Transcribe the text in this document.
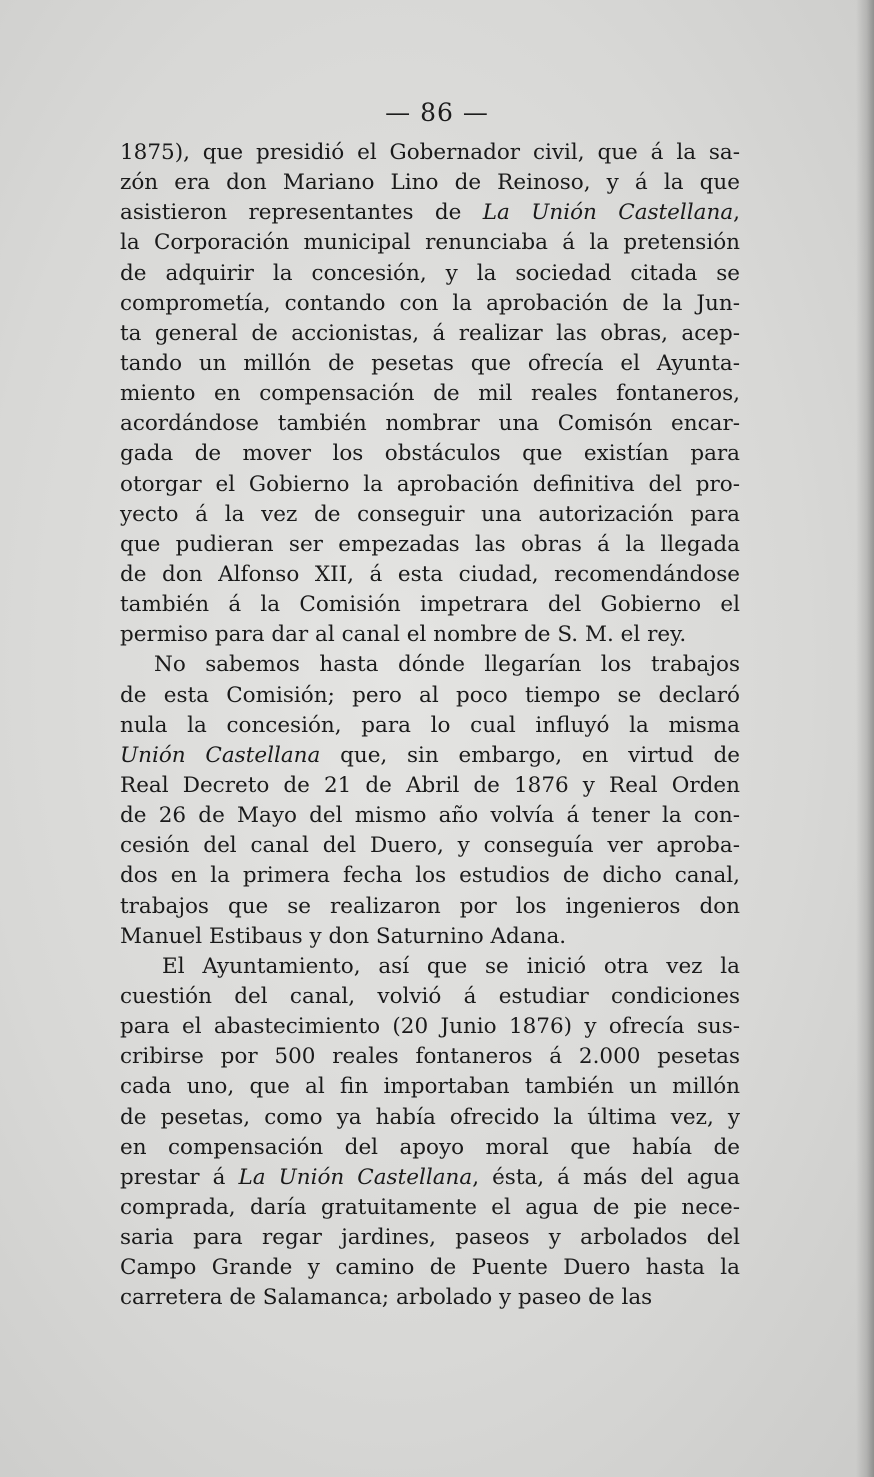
— 86 —
1875), que presidió el Gobernador civil, que á la sa-
zón era don Mariano Lino de Reinoso, y á la que
asistieron representantes de La Unión Castellana,
la Corporación municipal renunciaba á la pretensión
de adquirir la concesión, y la sociedad citada se
comprometía, contando con la aprobación de la Jun-
ta general de accionistas, á realizar las obras, acep-
tando un millón de pesetas que ofrecía el Ayunta-
miento en compensación de mil reales fontaneros,
acordándose también nombrar una Comisón encar-
gada de mover los obstáculos que existían para
otorgar el Gobierno la aprobación definitiva del pro-
yecto á la vez de conseguir una autorización para
que pudieran ser empezadas las obras á la llegada
de don Alfonso XII, á esta ciudad, recomendándose
también á la Comisión impetrara del Gobierno el
permiso para dar al canal el nombre de S. M. el rey.
No sabemos hasta dónde llegarían los trabajos
de esta Comisión; pero al poco tiempo se declaró
nula la concesión, para lo cual influyó la misma
Unión Castellana que, sin embargo, en virtud de
Real Decreto de 21 de Abril de 1876 y Real Orden
de 26 de Mayo del mismo año volvía á tener la con-
cesión del canal del Duero, y conseguía ver aproba-
dos en la primera fecha los estudios de dicho canal,
trabajos que se realizaron por los ingenieros don
Manuel Estibaus y don Saturnino Adana.
El Ayuntamiento, así que se inició otra vez la
cuestión del canal, volvió á estudiar condiciones
para el abastecimiento (20 Junio 1876) y ofrecía sus-
cribirse por 500 reales fontaneros á 2.000 pesetas
cada uno, que al fin importaban también un millón
de pesetas, como ya había ofrecido la última vez, y
en compensación del apoyo moral que había de
prestar á La Unión Castellana, ésta, á más del agua
comprada, daría gratuitamente el agua de pie nece-
saria para regar jardines, paseos y arbolados del
Campo Grande y camino de Puente Duero hasta la
carretera de Salamanca; arbolado y paseo de las
